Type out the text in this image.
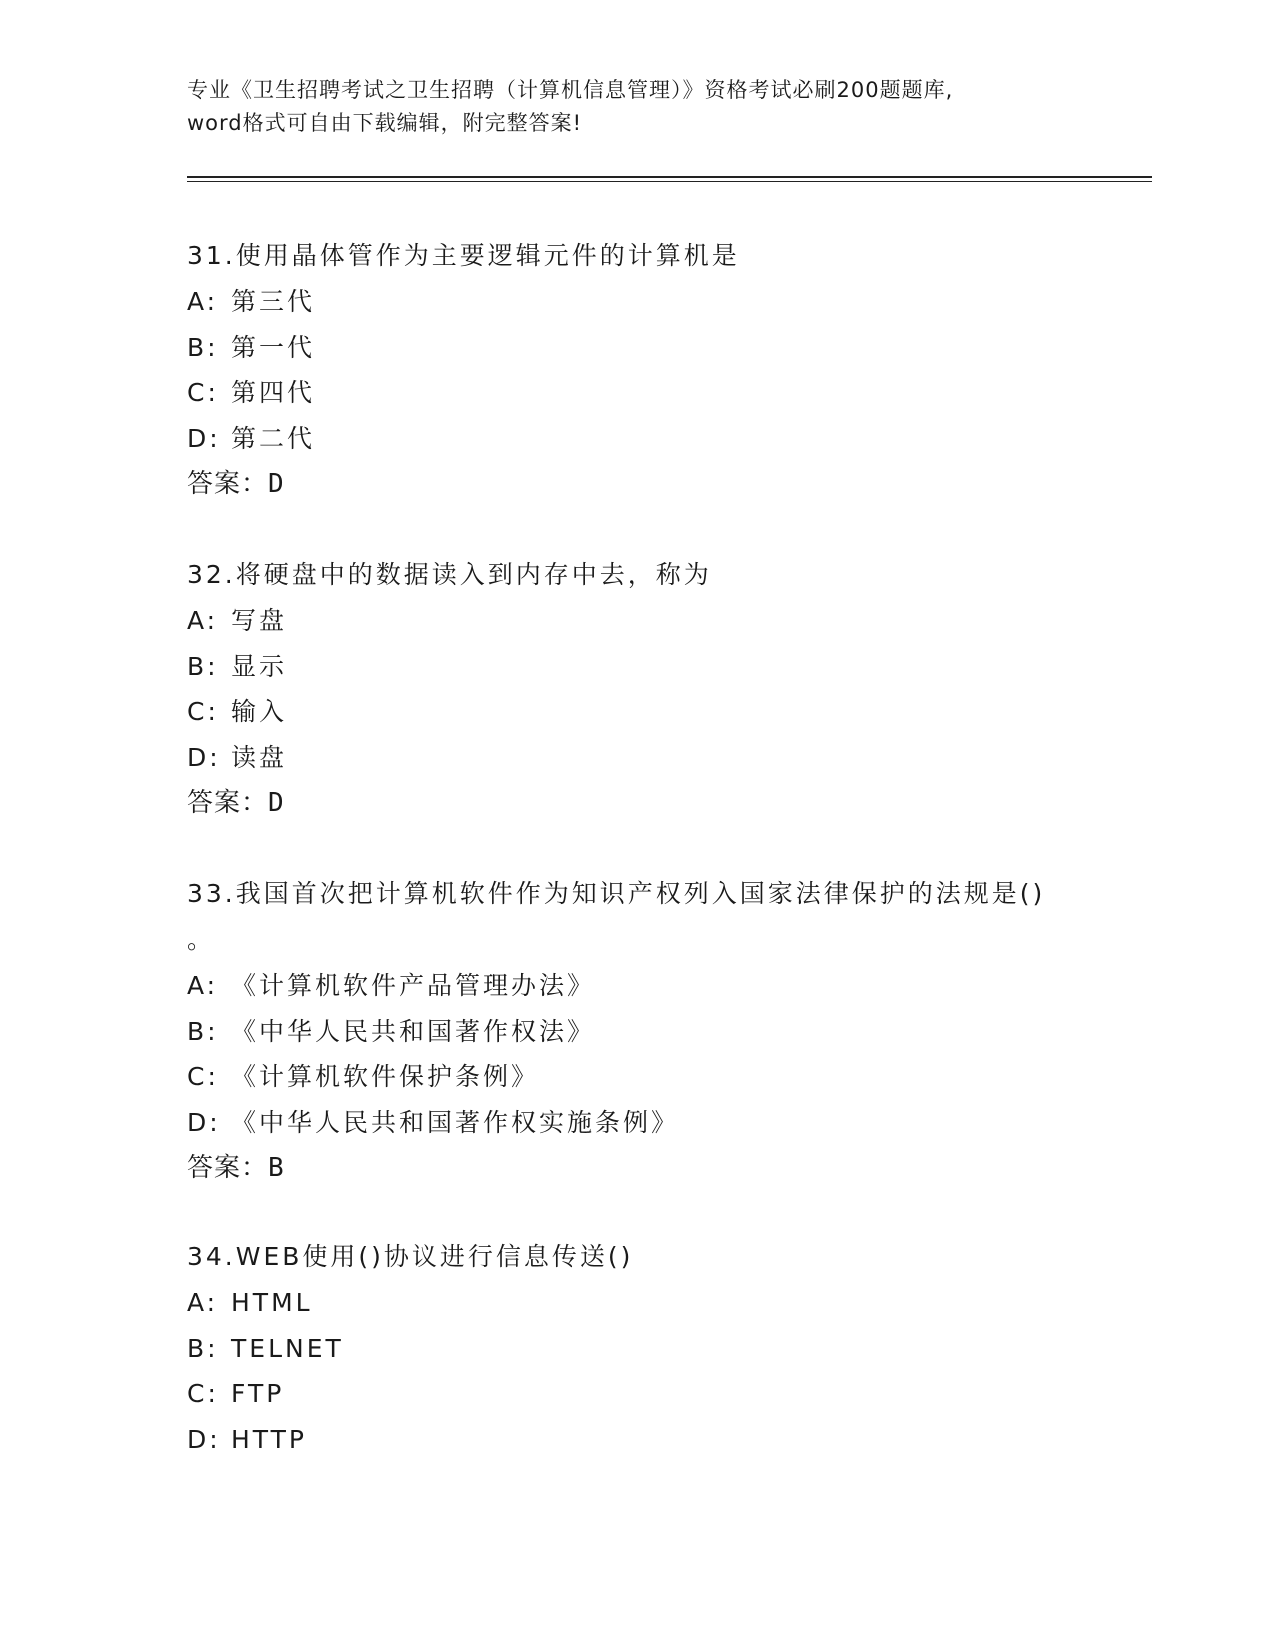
专业《卫生招聘考试之卫生招聘（计算机信息管理）》资格考试必刷200题题库,
word格式可自由下载编辑，附完整答案!
31.使用晶体管作为主要逻辑元件的计算机是
A: 第三代
B: 第一代
C: 第四代
D: 第二代
答案：D
32.将硬盘中的数据读入到内存中去，称为
A: 写盘
B: 显示
C: 输入
D: 读盘
答案：D
33.我国首次把计算机软件作为知识产权列入国家法律保护的法规是()
。
A: 《计算机软件产品管理办法》
B: 《中华人民共和国著作权法》
C: 《计算机软件保护条例》
D: 《中华人民共和国著作权实施条例》
答案：B
34.WEB使用()协议进行信息传送()
A: HTML
B: TELNET
C: FTP
D: HTTP
